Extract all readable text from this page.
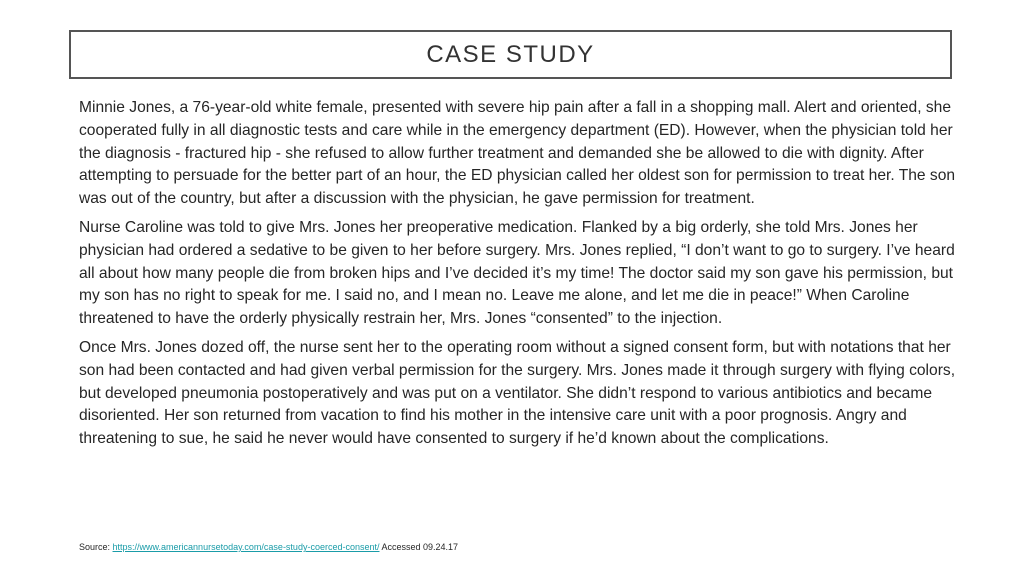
CASE STUDY

Minnie Jones, a 76-year-old white female, presented with severe hip pain after a fall in a shopping mall. Alert and oriented, she cooperated fully in all diagnostic tests and care while in the emergency department (ED). However, when the physician told her the diagnosis - fractured hip - she refused to allow further treatment and demanded she be allowed to die with dignity. After attempting to persuade for the better part of an hour, the ED physician called her oldest son for permission to treat her. The son was out of the country, but after a discussion with the physician, he gave permission for treatment.

Nurse Caroline was told to give Mrs. Jones her preoperative medication. Flanked by a big orderly, she told Mrs. Jones her physician had ordered a sedative to be given to her before surgery. Mrs. Jones replied, “I don’t want to go to surgery. I’ve heard all about how many people die from broken hips and I’ve decided it’s my time! The doctor said my son gave his permission, but my son has no right to speak for me. I said no, and I mean no. Leave me alone, and let me die in peace!” When Caroline threatened to have the orderly physically restrain her, Mrs. Jones “consented” to the injection.

Once Mrs. Jones dozed off, the nurse sent her to the operating room without a signed consent form, but with notations that her son had been contacted and had given verbal permission for the surgery. Mrs. Jones made it through surgery with flying colors, but developed pneumonia postoperatively and was put on a ventilator. She didn’t respond to various antibiotics and became disoriented. Her son returned from vacation to find his mother in the intensive care unit with a poor prognosis. Angry and threatening to sue, he said he never would have consented to surgery if he’d known about the complications.

Source: https://www.americannursetoday.com/case-study-coerced-consent/ Accessed 09.24.17
